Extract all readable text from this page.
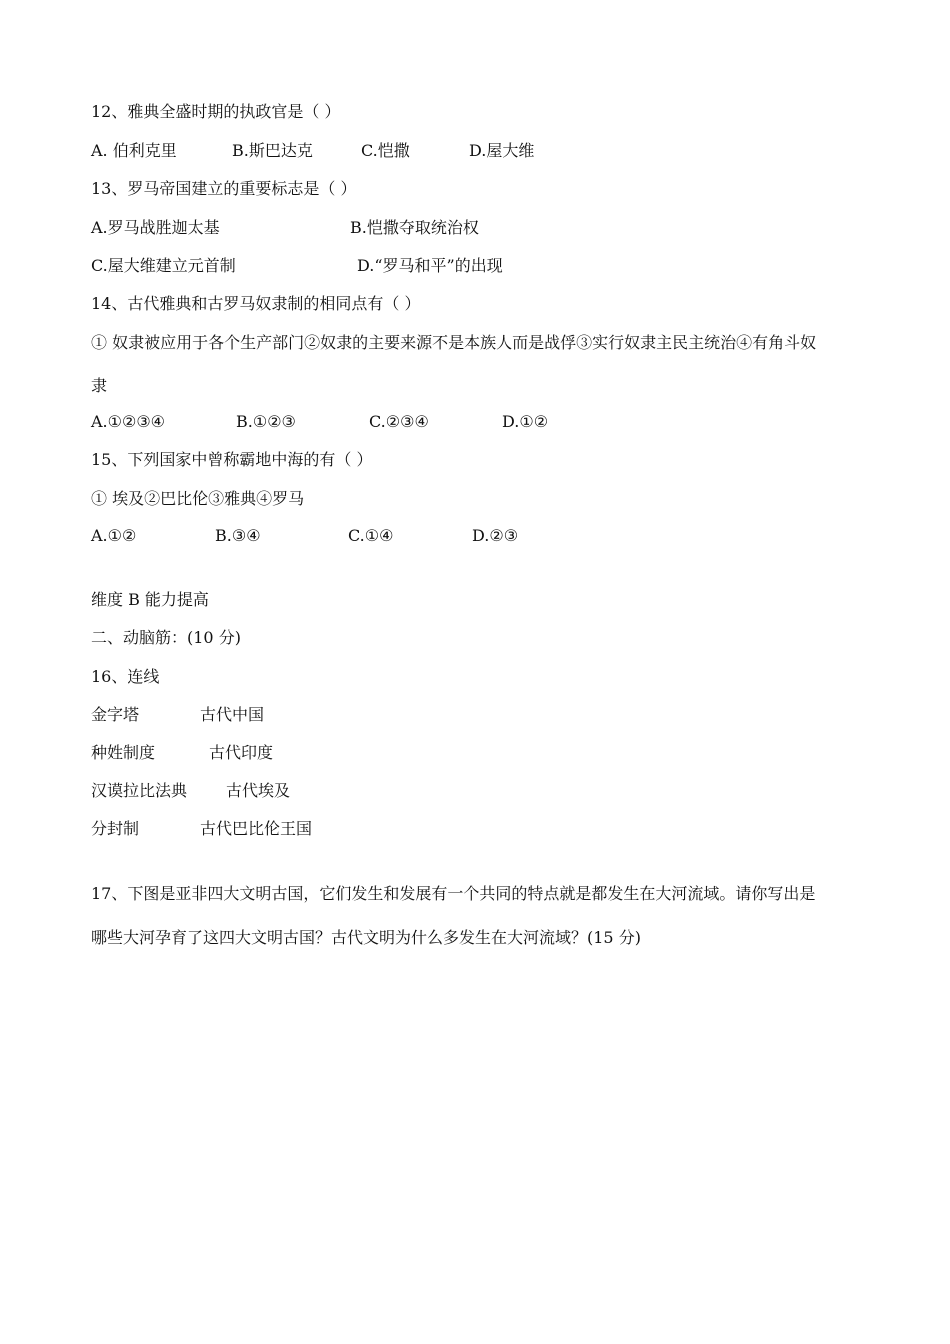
12、雅典全盛时期的执政官是（ ）
A. 伯利克里	B.斯巴达克	C.恺撒	D.屋大维
13、罗马帝国建立的重要标志是（ ）
A.罗马战胜迦太基	B.恺撒夺取统治权
C.屋大维建立元首制	D.“罗马和平”的出现
14、古代雅典和古罗马奴隶制的相同点有（ ）
① 奴隶被应用于各个生产部门②奴隶的主要来源不是本族人而是战俘③实行奴隶主民主统治④有角斗奴
隶
A.①②③④	B.①②③	C.②③④	D.①②
15、下列国家中曾称霸地中海的有（ ）
① 埃及②巴比伦③雅典④罗马
A.①②	B.③④	C.①④	D.②③
维度 B 能力提高
二、动脑筋：(10 分)
16、连线
金字塔	古代中国
种姓制度	古代印度
汉谟拉比法典 古代埃及
分封制	古代巴比伦王国
17、下图是亚非四大文明古国，它们发生和发展有一个共同的特点就是都发生在大河流域。请你写出是
哪些大河孕育了这四大文明古国？古代文明为什么多发生在大河流域？(15 分)
